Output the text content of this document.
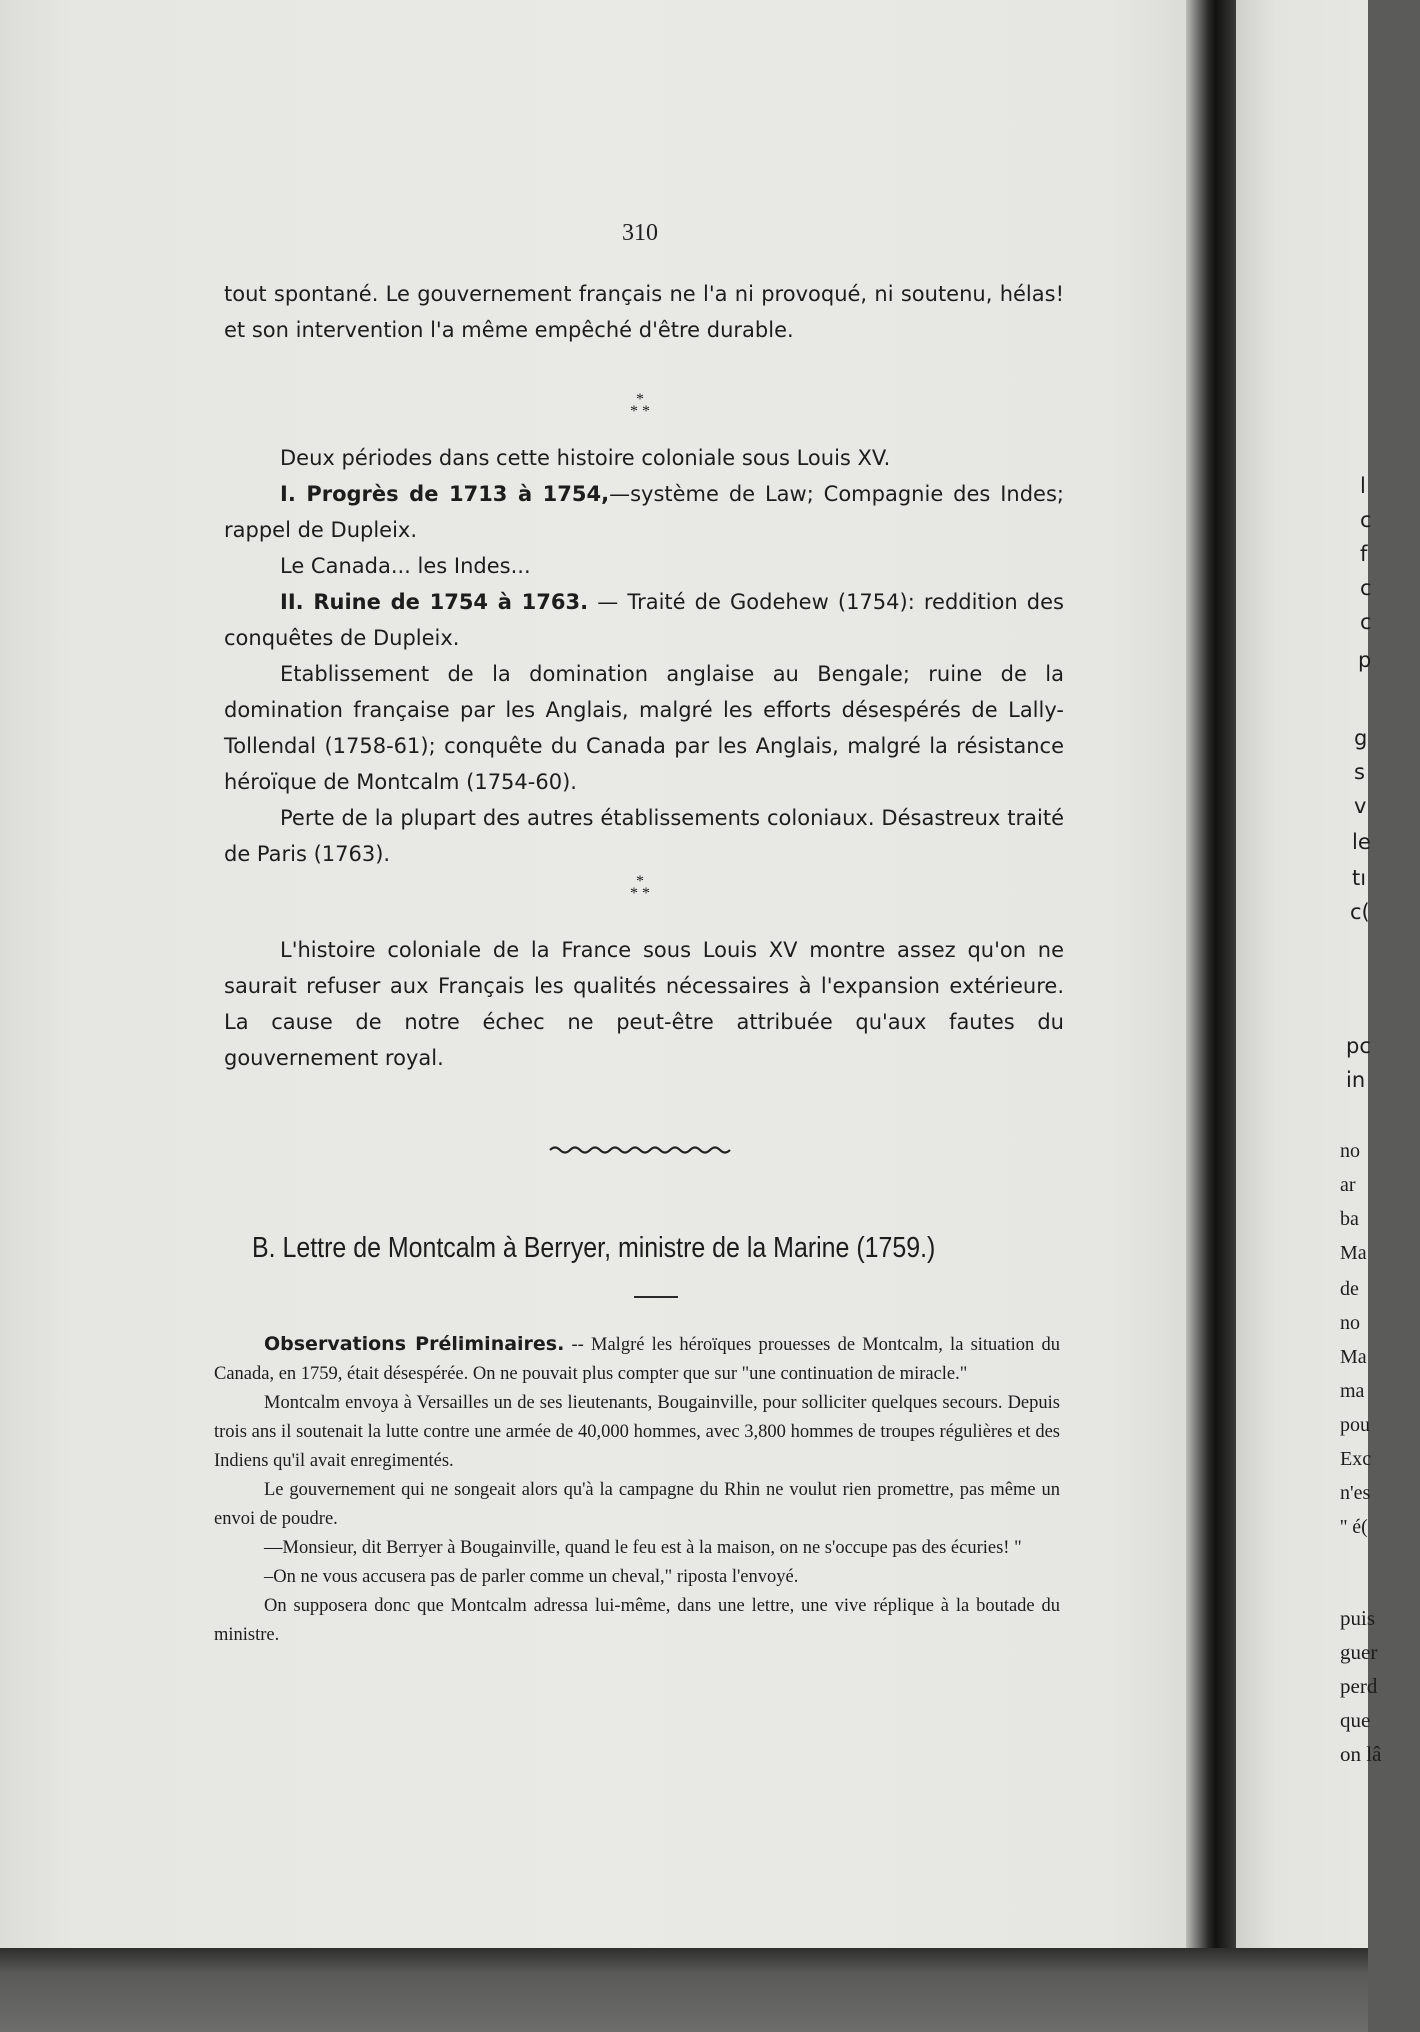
310

tout spontané. Le gouvernement français ne l'a ni provoqué, ni soutenu, hélas! et son intervention l'a même empêché d'être durable.

*
* *

Deux périodes dans cette histoire coloniale sous Louis XV.

I. Progrès de 1713 à 1754,—système de Law; Compagnie des Indes; rappel de Dupleix.

Le Canada... les Indes...

II. Ruine de 1754 à 1763. — Traité de Godehew (1754): reddition des conquêtes de Dupleix.

Etablissement de la domination anglaise au Bengale; ruine de la domination française par les Anglais, malgré les efforts désespérés de Lally-Tollendal (1758-61); conquête du Canada par les Anglais, malgré la résistance héroïque de Montcalm (1754-60).

Perte de la plupart des autres établissements coloniaux. Désastreux traité de Paris (1763).

*
* *

L'histoire coloniale de la France sous Louis XV montre assez qu'on ne saurait refuser aux Français les qualités nécessaires à l'expansion extérieure. La cause de notre échec ne peut-être attribuée qu'aux fautes du gouvernement royal.

B. Lettre de Montcalm à Berryer, ministre de la Marine (1759.)

Observations Préliminaires. -- Malgré les héroïques prouesses de Montcalm, la situation du Canada, en 1759, était désespérée. On ne pouvait plus compter que sur "une continuation de miracle."

Montcalm envoya à Versailles un de ses lieutenants, Bougainville, pour solliciter quelques secours. Depuis trois ans il soutenait la lutte contre une armée de 40,000 hommes, avec 3,800 hommes de troupes régulières et des Indiens qu'il avait enregimentés.

Le gouvernement qui ne songeait alors qu'à la campagne du Rhin ne voulut rien promettre, pas même un envoi de poudre.

—Monsieur, dit Berryer à Bougainville, quand le feu est à la maison, on ne s'occupe pas des écuries! "

–On ne vous accusera pas de parler comme un cheval," riposta l'envoyé.

On supposera donc que Montcalm adressa lui-même, dans une lettre, une vive réplique à la boutade du ministre.

l
c
f
c
c
p
g
s
v
le
tı
c(
pc
in
no
ar
ba
Ma
de
no
Ma
ma
pou
Exc
n'es
'' é(
puis
guer
perd
que
on lâ
